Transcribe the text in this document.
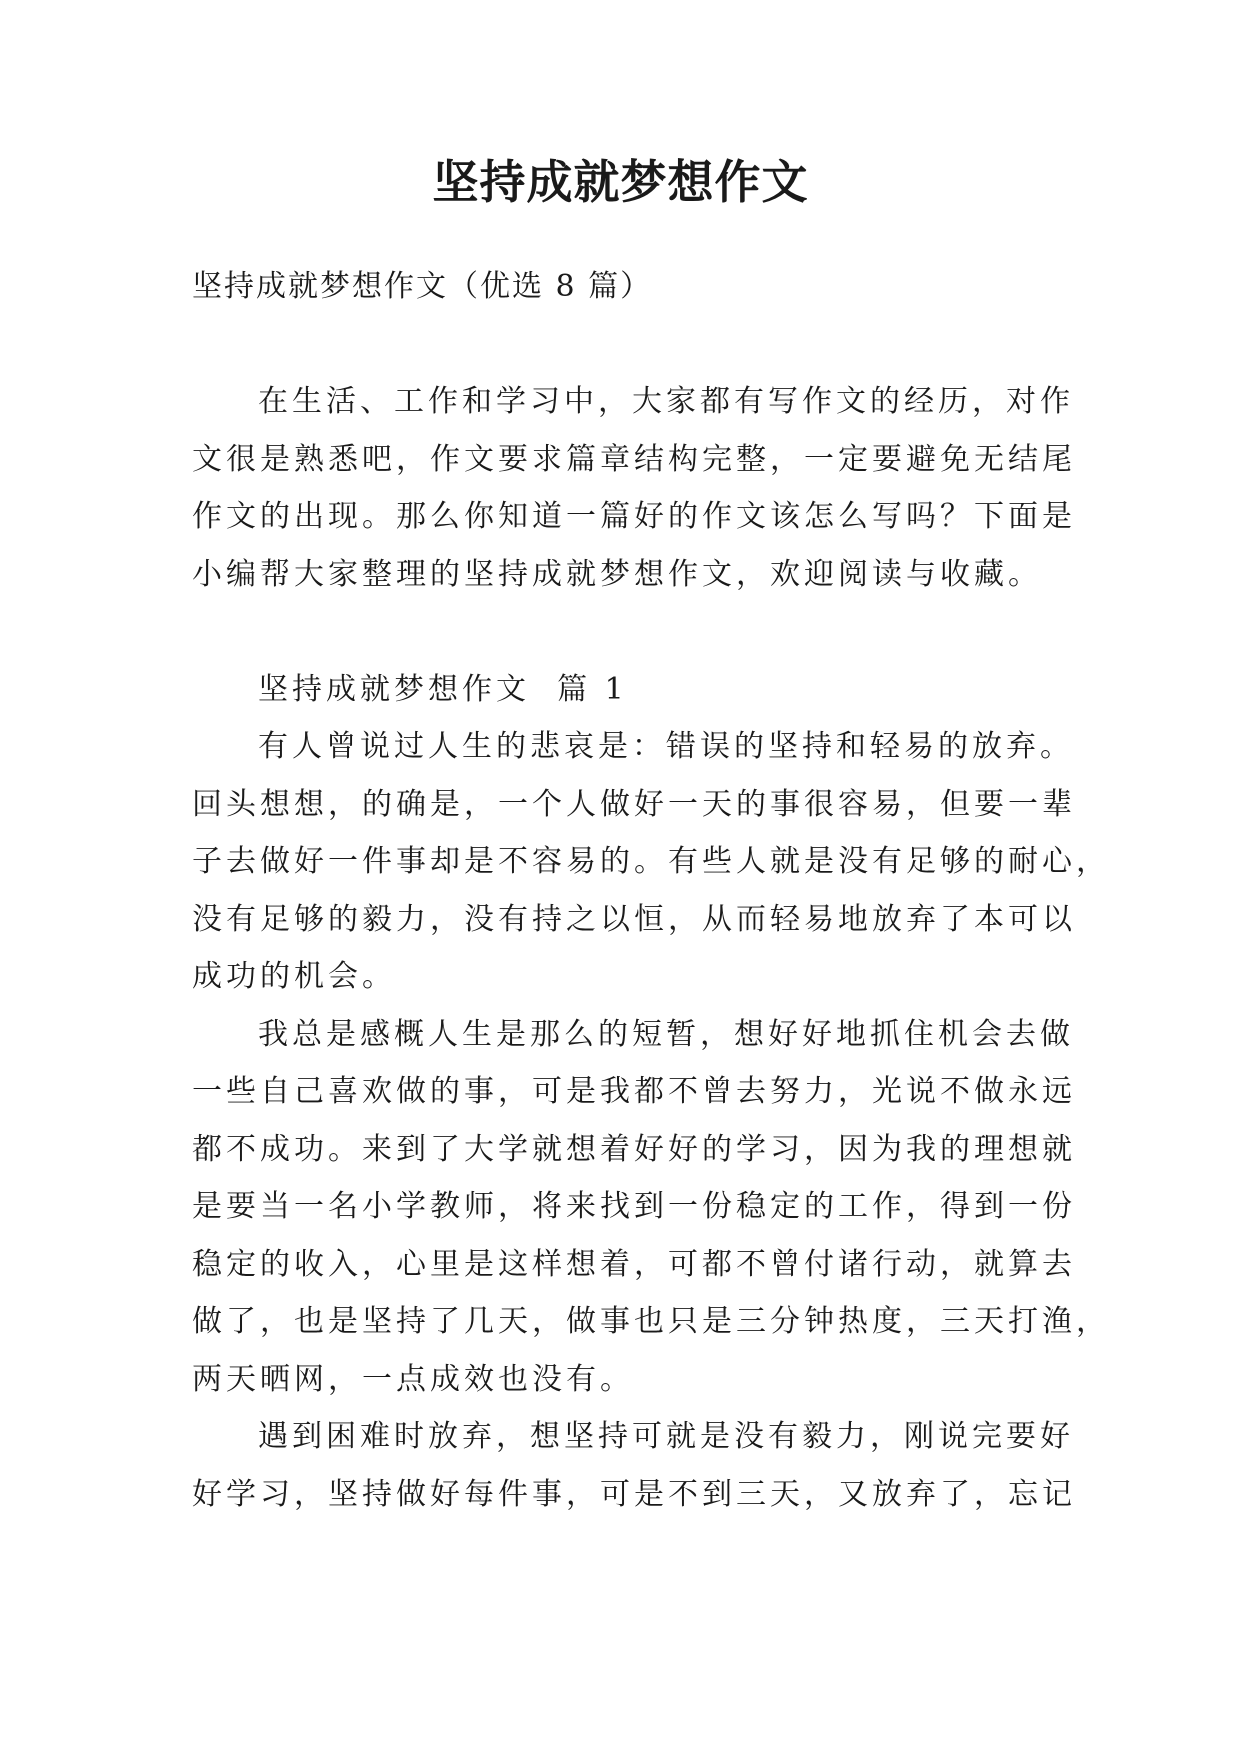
坚持成就梦想作文
坚持成就梦想作文（优选 8 篇）
在生活、工作和学习中，大家都有写作文的经历，对作
文很是熟悉吧，作文要求篇章结构完整，一定要避免无结尾
作文的出现。那么你知道一篇好的作文该怎么写吗？下面是
小编帮大家整理的坚持成就梦想作文，欢迎阅读与收藏。
坚持成就梦想作文  篇 1
有人曾说过人生的悲哀是：错误的坚持和轻易的放弃。
回头想想，的确是，一个人做好一天的事很容易，但要一辈
子去做好一件事却是不容易的。有些人就是没有足够的耐心，
没有足够的毅力，没有持之以恒，从而轻易地放弃了本可以
成功的机会。
我总是感概人生是那么的短暂，想好好地抓住机会去做
一些自己喜欢做的事，可是我都不曾去努力，光说不做永远
都不成功。来到了大学就想着好好的学习，因为我的理想就
是要当一名小学教师，将来找到一份稳定的工作，得到一份
稳定的收入，心里是这样想着，可都不曾付诸行动，就算去
做了，也是坚持了几天，做事也只是三分钟热度，三天打渔，
两天晒网，一点成效也没有。
遇到困难时放弃，想坚持可就是没有毅力，刚说完要好
好学习，坚持做好每件事，可是不到三天，又放弃了，忘记
